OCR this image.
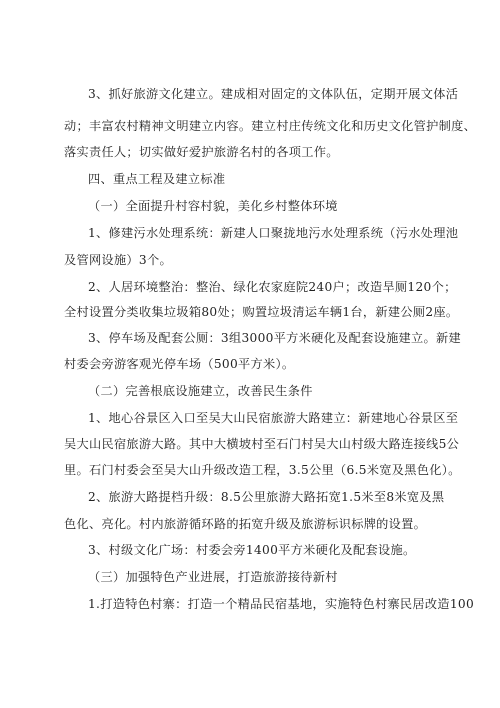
3、抓好旅游文化建立。建成相对固定的文体队伍，定期开展文体活
动；丰富农村精神文明建立内容。建立村庄传统文化和历史文化管护制度、
落实责任人；切实做好爱护旅游名村的各项工作。
四、重点工程及建立标准
（一）全面提升村容村貌，美化乡村整体环境
1、修建污水处理系统：新建人口聚拢地污水处理系统（污水处理池
及管网设施）3个。
2、人居环境整治：整治、绿化农家庭院240户；改造旱厕120个；
全村设置分类收集垃圾箱80处；购置垃圾清运车辆1台，新建公厕2座。
3、停车场及配套公厕：3组3000平方米硬化及配套设施建立。新建
村委会旁游客观光停车场（500平方米）。
（二）完善根底设施建立，改善民生条件
1、地心谷景区入口至吴大山民宿旅游大路建立：新建地心谷景区至
吴大山民宿旅游大路。其中大横坡村至石门村吴大山村级大路连接线5公
里。石门村委会至吴大山升级改造工程，3.5公里（6.5米宽及黑色化）。
2、旅游大路提档升级：8.5公里旅游大路拓宽1.5米至8米宽及黑
色化、亮化。村内旅游循环路的拓宽升级及旅游标识标牌的设置。
3、村级文化广场：村委会旁1400平方米硬化及配套设施。
（三）加强特色产业进展，打造旅游接待新村
1.打造特色村寨：打造一个精品民宿基地，实施特色村寨民居改造100
